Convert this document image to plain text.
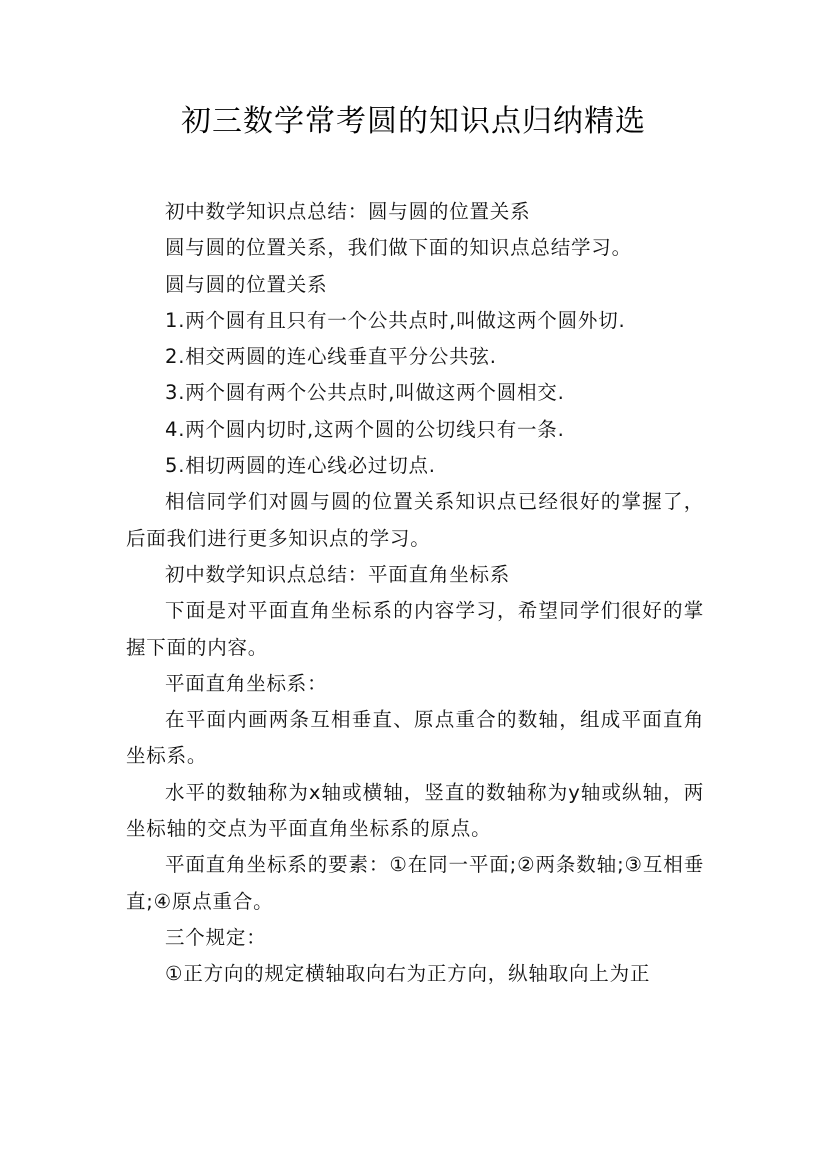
初三数学常考圆的知识点归纳精选

初中数学知识点总结：圆与圆的位置关系

圆与圆的位置关系，我们做下面的知识点总结学习。

圆与圆的位置关系

1.两个圆有且只有一个公共点时,叫做这两个圆外切.

2.相交两圆的连心线垂直平分公共弦.

3.两个圆有两个公共点时,叫做这两个圆相交.

4.两个圆内切时,这两个圆的公切线只有一条.

5.相切两圆的连心线必过切点.

相信同学们对圆与圆的位置关系知识点已经很好的掌握了，后面我们进行更多知识点的学习。

初中数学知识点总结：平面直角坐标系

下面是对平面直角坐标系的内容学习，希望同学们很好的掌握下面的内容。

平面直角坐标系：

在平面内画两条互相垂直、原点重合的数轴，组成平面直角坐标系。

水平的数轴称为x轴或横轴，竖直的数轴称为y轴或纵轴，两坐标轴的交点为平面直角坐标系的原点。

平面直角坐标系的要素：①在同一平面;②两条数轴;③互相垂直;④原点重合。

三个规定：

①正方向的规定横轴取向右为正方向，纵轴取向上为正
